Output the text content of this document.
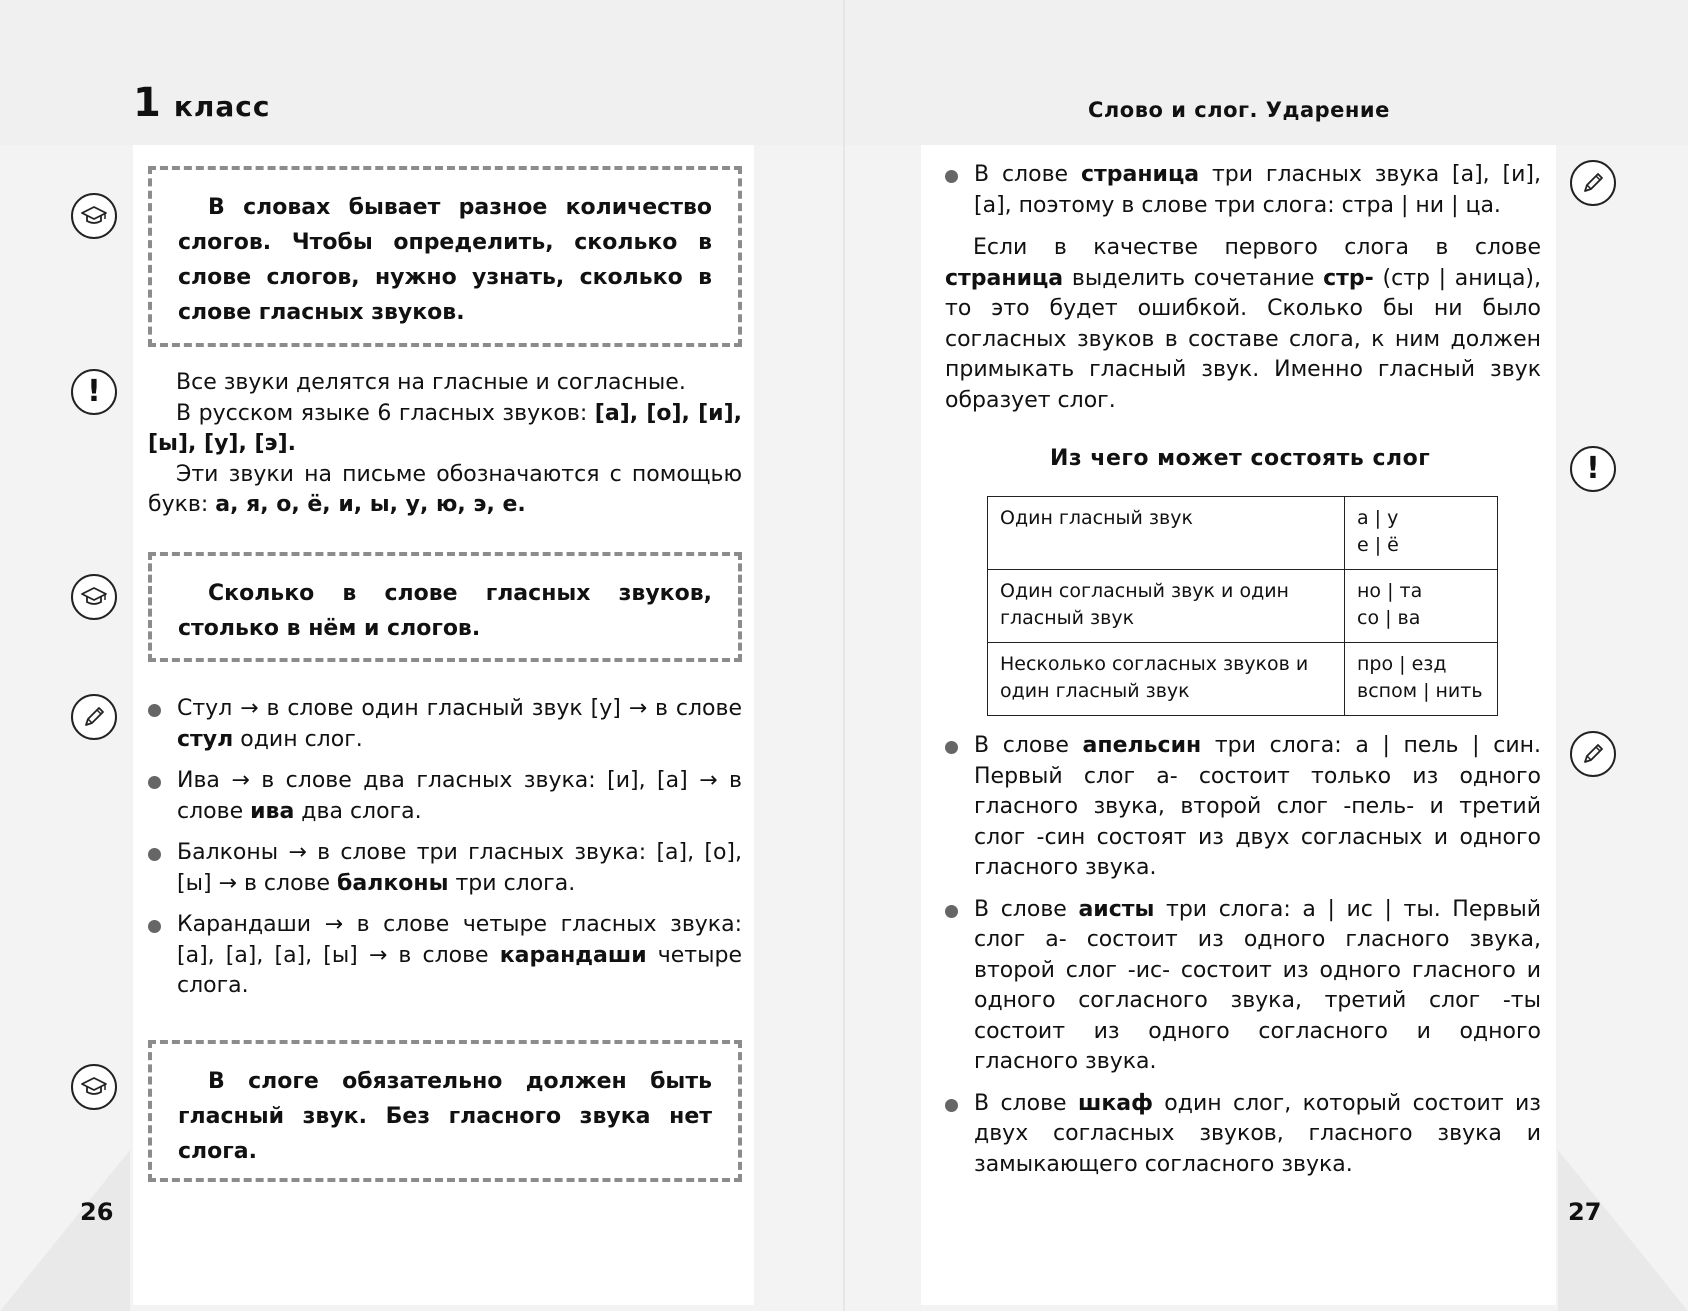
1 класс	Слово и слог. Ударение
В словах бывает разное количество слогов. Чтобы определить, сколько в слове слогов, нужно узнать, сколько в слове гласных звуков.
!	Все звуки делятся на гласные и согласные.

В русском языке 6 гласных звуков: [а], [о], [и], [ы], [у], [э].

Эти звуки на письме обозначаются с помощью букв: а, я, о, ё, и, ы, у, ю, э, е.

Сколько в слове гласных звуков, столько в нём и слогов.
Стул → в слове один гласный звук [у] → в слове стул один слог.
Ива → в слове два гласных звука: [и], [а] → в слове ива два слога.
Балконы → в слове три гласных звука: [а], [о], [ы] → в слове балконы три слога.
Карандаши → в слове четыре гласных звука: [а], [а], [а], [ы] → в слове карандаши четыре слога.
В слоге обязательно должен быть гласный звук. Без гласного звука нет слога.
26
В слове страница три гласных звука [а], [и], [а], поэтому в слове три слога: стра | ни | ца.

Если в качестве первого слога в слове страница выделить сочетание стр- (стр | аница), то это будет ошибкой. Сколько бы ни было согласных звуков в составе слога, к ним должен примыкать гласный звук. Именно гласный звук образует слог.

!
Из чего может состоять слог
Один гласный звук	а | у
е | ё

Один согласный звук и один гласный звук	но | та
со | ва

Несколько согласных звуков и один гласный звук	про | езд
вспом | нить
В слове апельсин три слога: а | пель | син. Первый слог а- состоит только из одного гласного звука, второй слог -пель- и третий слог -син состоят из двух согласных и одного гласного звука.
В слове аисты три слога: а | ис | ты. Первый слог а- состоит из одного гласного звука, второй слог -ис- состоит из одного гласного и одного согласного звука, третий слог -ты состоит из одного согласного и одного гласного звука.
В слове шкаф один слог, который состоит из двух согласных звуков, гласного звука и замыкающего согласного звука.
27
